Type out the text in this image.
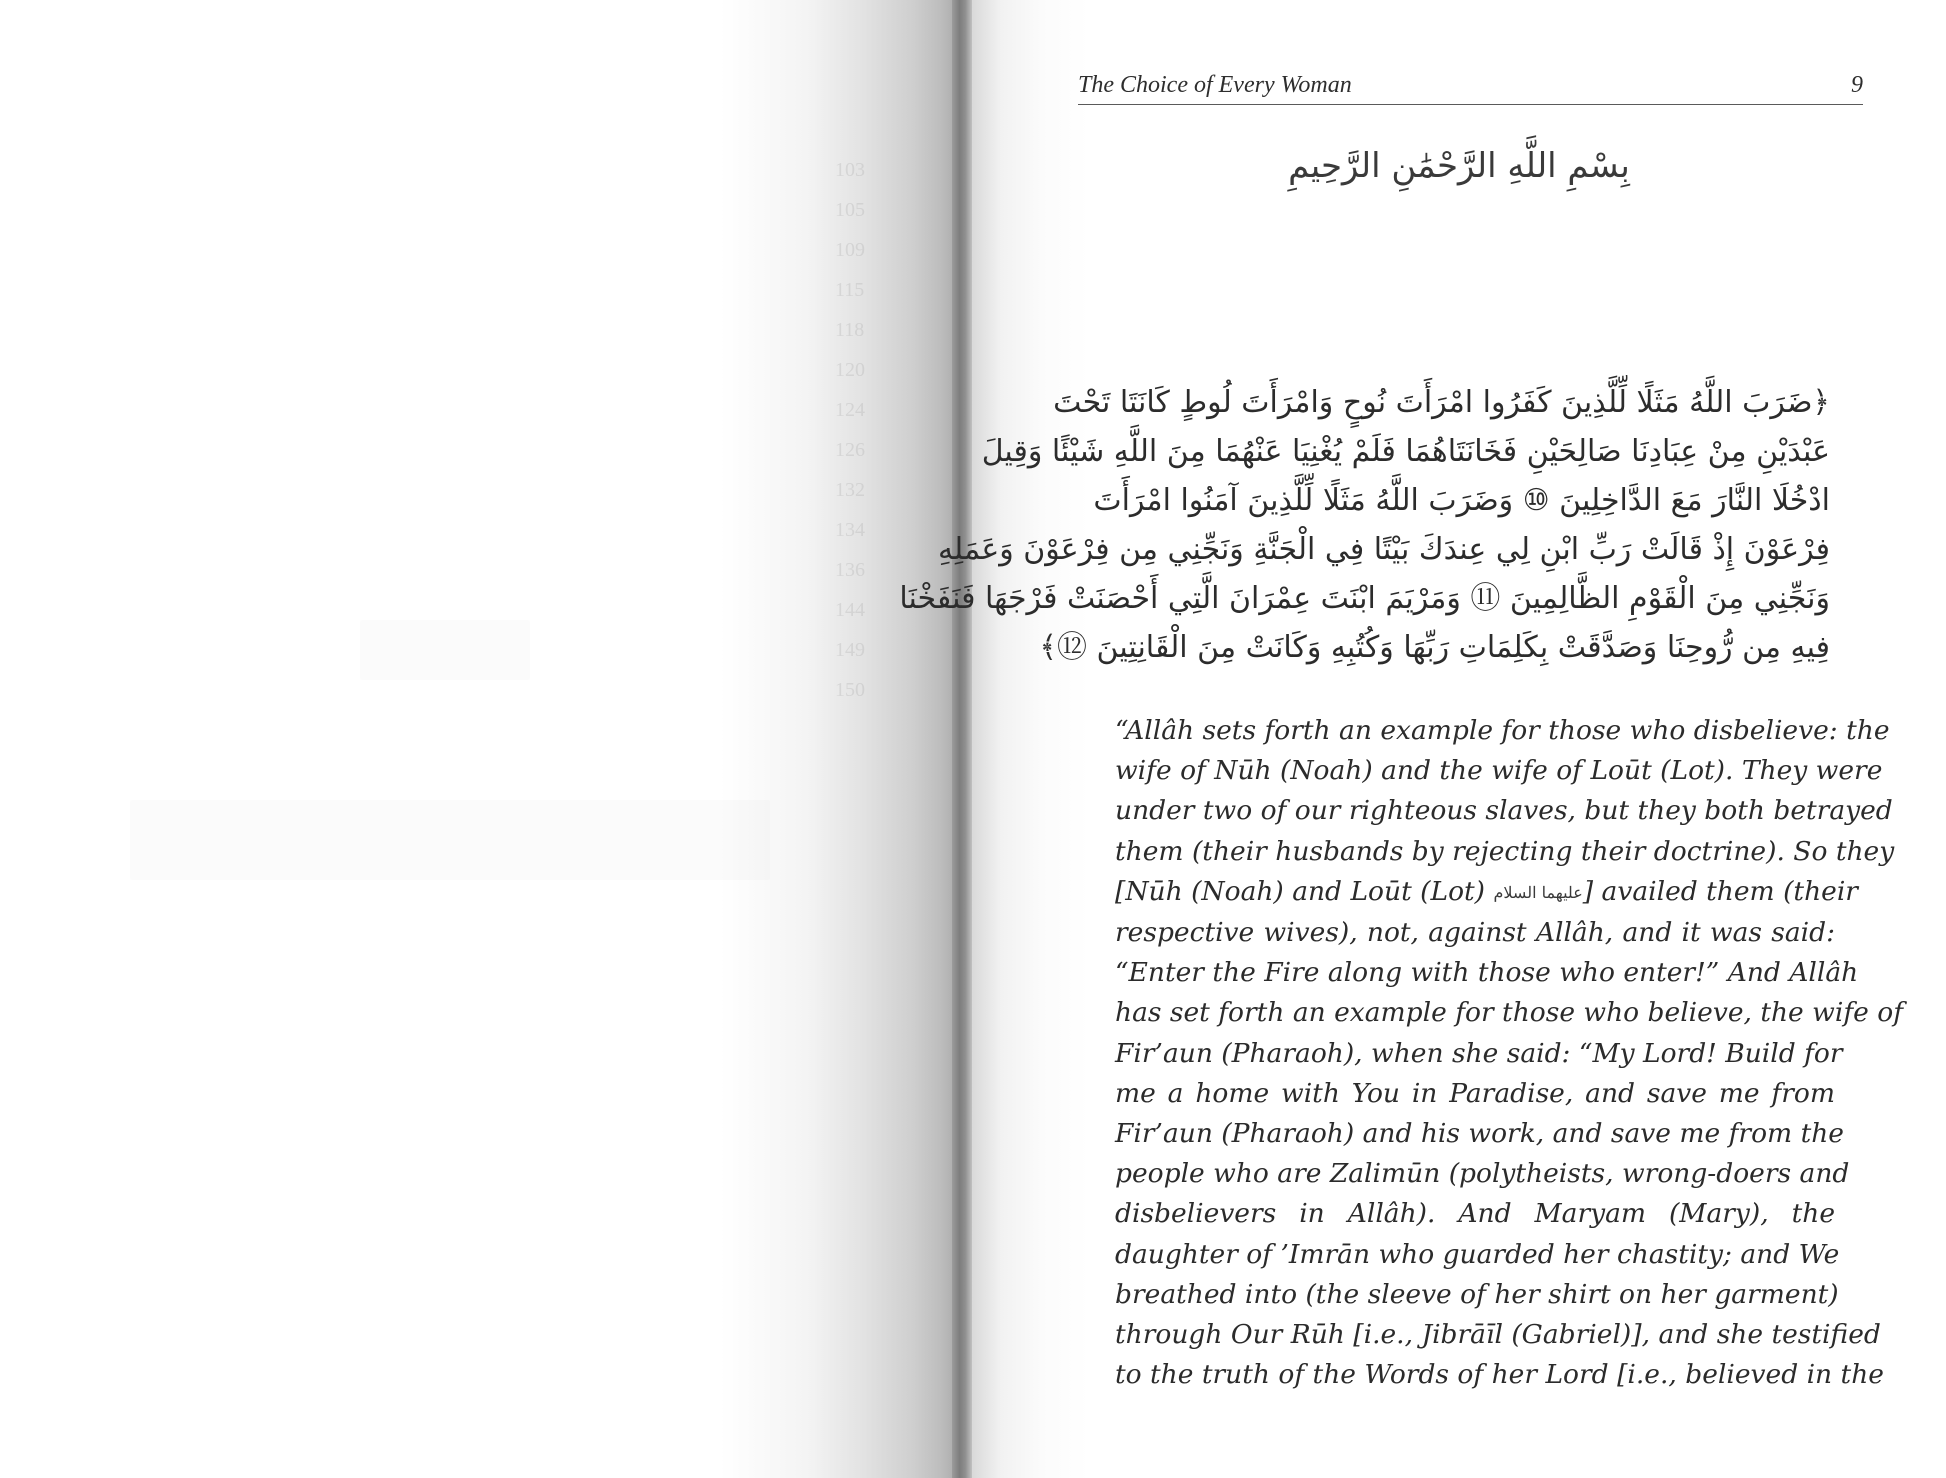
103
105
109
115
118
120
124
126
132
134
136
144
149
150
The Choice of Every Woman	9
بِسْمِ اللَّهِ الرَّحْمَٰنِ الرَّحِيمِ
﴿ضَرَبَ اللَّهُ مَثَلًا لِّلَّذِينَ كَفَرُوا امْرَأَتَ نُوحٍ وَامْرَأَتَ لُوطٍ كَانَتَا تَحْتَ
عَبْدَيْنِ مِنْ عِبَادِنَا صَالِحَيْنِ فَخَانَتَاهُمَا فَلَمْ يُغْنِيَا عَنْهُمَا مِنَ اللَّهِ شَيْئًا وَقِيلَ
ادْخُلَا النَّارَ مَعَ الدَّاخِلِينَ ⑩ وَضَرَبَ اللَّهُ مَثَلًا لِّلَّذِينَ آمَنُوا امْرَأَتَ
فِرْعَوْنَ إِذْ قَالَتْ رَبِّ ابْنِ لِي عِندَكَ بَيْتًا فِي الْجَنَّةِ وَنَجِّنِي مِن فِرْعَوْنَ وَعَمَلِهِ
وَنَجِّنِي مِنَ الْقَوْمِ الظَّالِمِينَ ⑪ وَمَرْيَمَ ابْنَتَ عِمْرَانَ الَّتِي أَحْصَنَتْ فَرْجَهَا فَنَفَخْنَا
فِيهِ مِن رُّوحِنَا وَصَدَّقَتْ بِكَلِمَاتِ رَبِّهَا وَكُتُبِهِ وَكَانَتْ مِنَ الْقَانِتِينَ ⑫﴾
“Allâh sets forth an example for those who disbelieve: the
wife of Nūh (Noah) and the wife of Loūt (Lot). They were
under two of our righteous slaves, but they both betrayed
them (their husbands by rejecting their doctrine). So they
[Nūh (Noah) and Loūt (Lot) عليهما السلام] availed them (their
respective wives), not, against Allâh, and it was said:
“Enter the Fire along with those who enter!” And Allâh
has set forth an example for those who believe, the wife of
Fir’aun (Pharaoh), when she said: “My Lord! Build for
me a home with You in Paradise, and save me from
Fir’aun (Pharaoh) and his work, and save me from the
people who are Zalimūn (polytheists, wrong-doers and
disbelievers in Allâh). And Maryam (Mary), the
daughter of ’Imrān who guarded her chastity; and We
breathed into (the sleeve of her shirt on her garment)
through Our Rūh [i.e., Jibrāīl (Gabriel)], and she testified
to the truth of the Words of her Lord [i.e., believed in the
